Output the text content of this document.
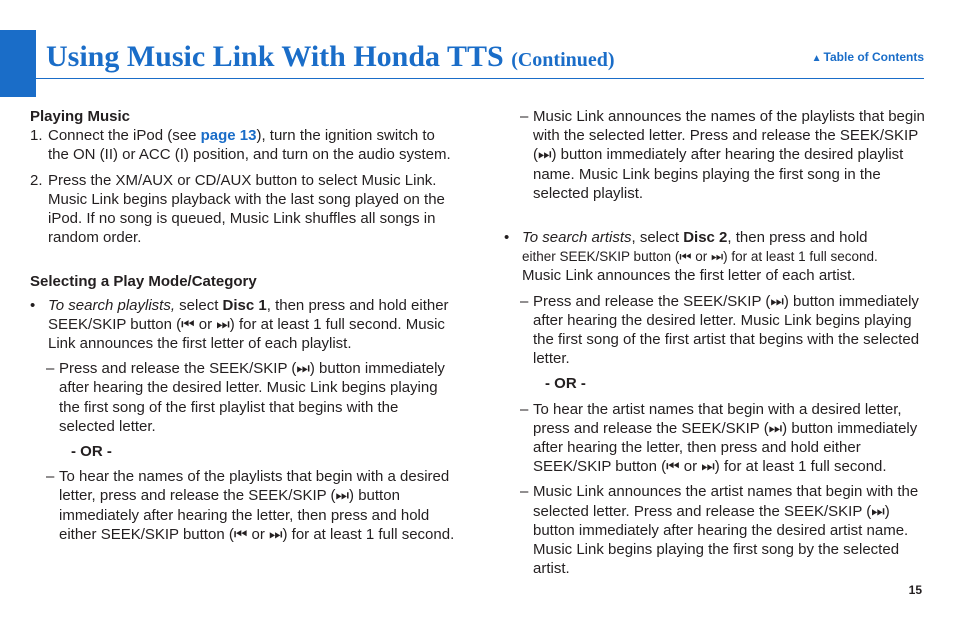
Using Music Link With Honda TTS (Continued)	▲ Table of Contents
Playing Music
1. Connect the iPod (see page 13), turn the ignition switch to the ON (II) or ACC (I) position, and turn on the audio system.
2. Press the XM/AUX or CD/AUX button to select Music Link. Music Link begins playback with the last song played on the iPod. If no song is queued, Music Link shuffles all songs in random order.
Selecting a Play Mode/Category
• To search playlists, select Disc 1, then press and hold either SEEK/SKIP button (⏮ or ⏭) for at least 1 full second. Music Link announces the first letter of each playlist.
– Press and release the SEEK/SKIP (⏭) button immediately after hearing the desired letter. Music Link begins playing the first song of the first playlist that begins with the selected letter.
- OR -
– To hear the names of the playlists that begin with a desired letter, press and release the SEEK/SKIP (⏭) button immediately after hearing the letter, then press and hold either SEEK/SKIP button (⏮ or ⏭) for at least 1 full second.
– Music Link announces the names of the playlists that begin with the selected letter. Press and release the SEEK/SKIP (⏭) button immediately after hearing the desired playlist name. Music Link begins playing the first song in the selected playlist.
• To search artists, select Disc 2, then press and hold
either SEEK/SKIP button (⏮ or ⏭) for at least 1 full second.
Music Link announces the first letter of each artist.
– Press and release the SEEK/SKIP (⏭) button immediately after hearing the desired letter. Music Link begins playing the first song of the first artist that begins with the selected letter.
- OR -
– To hear the artist names that begin with a desired letter, press and release the SEEK/SKIP (⏭) button immediately after hearing the letter, then press and hold either SEEK/SKIP button (⏮ or ⏭) for at least 1 full second.
– Music Link announces the artist names that begin with the selected letter. Press and release the SEEK/SKIP (⏭) button immediately after hearing the desired artist name. Music Link begins playing the first song by the selected artist.
15
